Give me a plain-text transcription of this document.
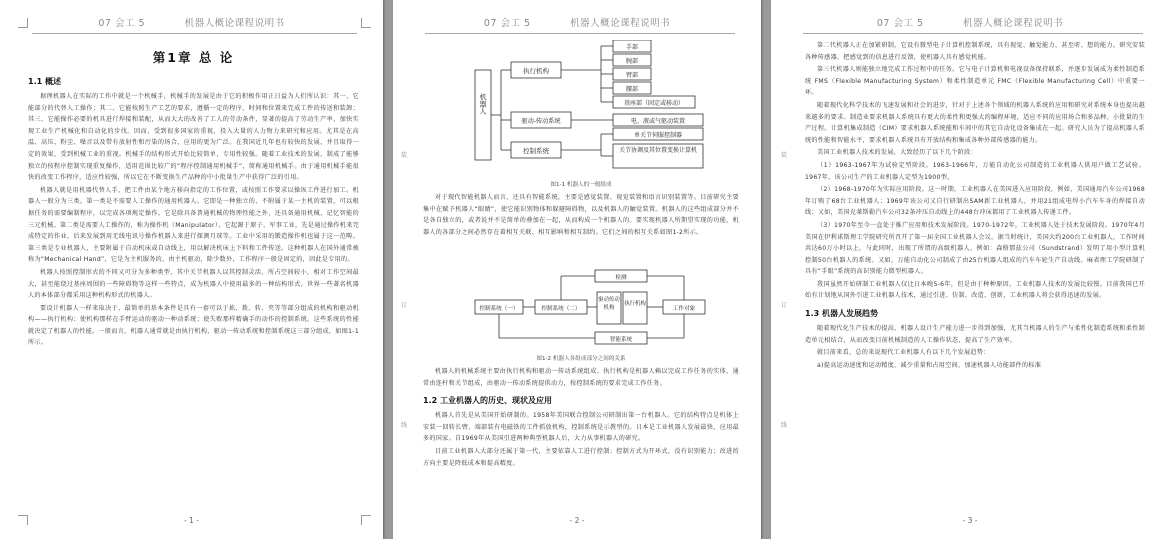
07 会工 5	机器人概论课程说明书
第1章 总 论
1.1 概述

据理机器人在实际的工作中就是一个机械手，机械手的发展是由于它的积极作用正日益为人们所认识：其一、它能部分的代替人工操作；其二、它能按照生产工艺的要求，遵循一定的程序、时间和位置来完成工件的传送和装卸；其三、它能操作必要的机具进行焊接和装配，从而大大的改善了工人的劳动条件，显著的提高了劳动生产率，加快实现工业生产机械化和自动化的步伐。因而，受到很多国家的重视，投入大量的人力物力来研究和应用。尤其是在高温、高压、粉尘、噪音以及带有放射性和污染的场合，应用的更为广泛。在我国近几年也有较快的发展，并且取得一定的效果，受到机械工业的重视。机械手的结构形式开始比较简单，专用性较强。随着工业技术的发展，制成了能够独立的按程序控制实现重复操作，适用范围比较广的“程序控制通用机械手”，简称通用机械手。由于通用机械手能很快的改变工作程序，适应性较强，所以它在不断变换生产品种的中小批量生产中获得广泛的引用。

机器人就是用机器代替人手，把工件由某个地方移向指定的工作位置，或按照工作要求以操纵工件进行加工。机器人一般分为三类。第一类是不需要人工操作的通用机器人。它即是一种独立的、不附属于某一主机的装置，可以根据任务的需要编制程序，以完成各项规定操作。它是除具备普通机械的物理性能之外，还具备通用机械、记忆智能的三元机械。第二类是需要人工操作的，称为操作机（Manipulator）。它起源于原子、军事工业，先是通过操作机来完成特定的作业，后来发展到用无线电讯号操作机器人来进行探测月球等。工业中采用的锻造操作机也属于这一范畴。第三类是专业机器人，主要附属于自动机床或自动线上，用以解决机床上下料和工件传送。这种机器人在国外通常被称为“Mechanical Hand”，它是为主机服务的，由主机驱动，除少数外，工作程序一般是固定的，因此是专用的。

机器人按照控制形式的不同又可分为多种类型，其中关节机器人以其控制灵活、所占空间较小，相对工作空间最大，甚至能绕过基座周围的一些障碍物等这样一些特点，成为机器人中使用最多的一种结构形式。世界一些著名机器人的本体部分都采用这种机构形式的机器人。

要设计机器人一样来取决于，最简单的基本条件是具有一套可以于拣、拨、转、夹等等部分组成的机构和驱动机构——执行机构；使机构那样在手臂运动的驱动一种动系统；使失败那样精确手的动作的控制系统。这些系统的性能就决定了机器人的性能。一般而言，机器人通常就是由执行机构、驱动一传动系统和控制系统这三部分组成，如图1-1所示。

- 1 -
07 会工 5	机器人概论课程说明书
装
订
线
机器人
执行机构
驱动-传动系统
控制系统
手部
腕部
臂部
腰部
基座部（固定或移动）
电、液或气驱动装置
单关节伺服控制器
关节协调及其位置变换计算机
图1-1 机器人的一般组成

对于现代智能机器人而言，还具有智能系统，主要是感觉装置、视觉装置和语言识别装置等。目前研究主要集中在赋予机器人“眼睛”，使它能识别物体和躲避障碍物，以及机器人的触觉装置。机器人的这些组成部分并不是各自独立的，或者说并不是简单的叠加在一起，从而构成一个机器人的。要实现机器人所期望实现的功能，机器人的各部分之间必然存在着相互关联、相互影响和相互制约。它们之间的相互关系如图1-2所示。

控制系统（一）	控制系统（二）
驱动传动机构
执行机构
工作对象
检测
智能系统
图1-2 机器人各组成部分之间的关系

机器人的机械系统主要由执行机构和驱动一传动系统组成。执行机构是机器人赖以完成工作任务的实体，通常由连杆和关节组成，由驱动一传动系统提供动力，按控制系统的要求完成工作任务。

1.2 工业机器人的历史、现状及应用

机器人首先是从美国开始研制的。1958年美国联合控制公司研制出第一台机器人。它的结构特点是机体上安装一回转长臂，端部装有电磁铁的工件抓放机构，控制系统是示教型的。日本是工业机器人发展最快、应用最多的国家。自1969年从美国引进两种典型机器人后，大力从事机器人的研究。

目前工业机器人大部分还属于第一代，主要依靠人工进行控制；控制方式为开环式，没有识别能力；改进的方向主要是降低成本和提高精度。

- 2 -
07 会工 5	机器人概论课程说明书
装
订
线

第二代机器人正在加紧研制，它设有微型电子计算机控制系统，具有视觉、触觉能力，甚至听、想的能力。研究安装各种传感器，把感觉到的信息进行反馈，使机器人具有感觉机能。

第三代机器人则能独立地完成工作过程中的任务。它与电子计算机和电视设备保持联系，并逐步发展成为柔性制造系统 FMS（Flexible Manufacturing System）和柔性制造单元 FMC（Flexible Manufacturing Cell）中重要一环。

随着现代化科学技术的飞速发展和社会的进步，针对于上述各个领域的机器人系统的应用和研究对系统本身也提出越来越多的要求。制造业要求机器人系统具有更大的柔性和更强大的编程环境，适应不同的应用场合和多品种、小批量的生产过程。计算机集成制造（CIM）要求机器人系统能和车间中的其它自动化设备集成在一起。研究人员为了提高机器人系统的性能和智能水平，要求机器人系统具有开放结构和集成各种外部传感器的能力。

美国工业机器人技术的发展，大致经历了以下几个阶段：

（1）1963-1967年为试验定型阶段。1963-1966年，万能自动化公司制造的工业机器人供用户做工艺试验。1967年，该公司生产的工业机器人定型为1900型。

（2）1968-1970年为实际应用阶段。这一时期，工业机器人在美国进入应用阶段，例如，美国通用汽车公司1968年订购了68台工业机器人；1969年该公司又自行研制出SAM新工业机器人，并用21组成电焊小汽车车身的焊接自动线；又如，美国克莱斯勒汽车公司32条冲压自动线上的448台冲床都用了工业机器人传递工件。

（3）1970年至今一直处于推广应用和技术发展阶段。1970-1972年，工业机器人处于技术发展阶段。1970年4月美国在伊利诺斯理工学院研究所召开了第一届全国工业机器人会议。据当时统计，美国大约200台工业机器人，工作时间共达60万小时以上，与此同时，出现了所谓的高级机器人，例如：森格那兹公司（Sundstrand）发明了用小型计算机控制50台机器人的系统。又如，万能自动化公司制成了由25台机器人组成的汽车车轮生产自动线。麻省理工学院研制了具有“手眼”系统的高识别能力微型机器人。

我国虽然开始研制工业机器人仅比日本晚5-6年，但是由于种种原因，工业机器人技术的发展比较慢。目前我国已开始有计划地从国外引进工业机器人技术，通过引进、仿制、改造、创新，工业机器人将会获得迅速的发展。

1.3 机器人发展趋势

随着现代化生产技术的提高，机器人设计生产能力进一步得到加强，尤其当机器人的生产与柔性化制造系统和柔性制造单元相结合，从而改变目前机械制造的人工操作状态，提高了生产效率。

就目前来看，总的来说现代工业机器人有以下几个发展趋势：

a)提高运动速度和运动精度，减少重量和占用空间，加速机器人功能部件的标准

- 3 -
